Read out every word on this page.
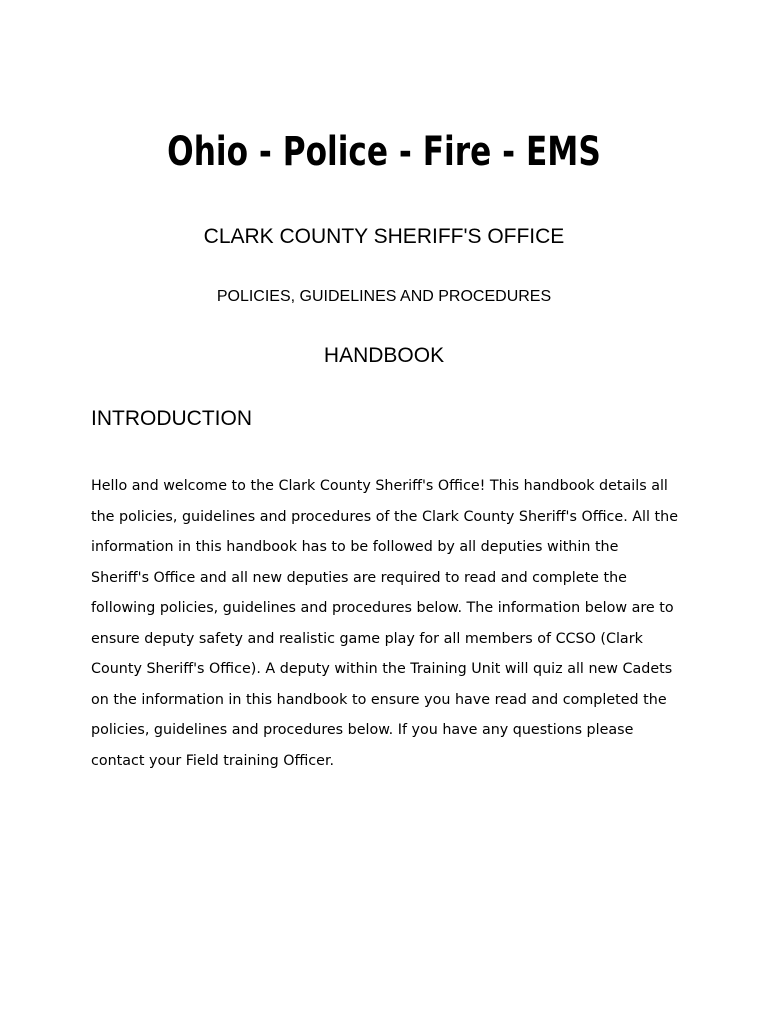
Ohio - Police - Fire - EMS
CLARK COUNTY SHERIFF'S OFFICE
POLICIES, GUIDELINES AND PROCEDURES
HANDBOOK
INTRODUCTION
Hello and welcome to the Clark County Sheriff's Office! This handbook details all
the policies, guidelines and procedures of the Clark County Sheriff's Office. All the
information in this handbook has to be followed by all deputies within the
Sheriff's Office and all new deputies are required to read and complete the
following policies, guidelines and procedures below. The information below are to
ensure deputy safety and realistic game play for all members of CCSO (Clark
County Sheriff's Office). A deputy within the Training Unit will quiz all new Cadets
on the information in this handbook to ensure you have read and completed the
policies, guidelines and procedures below. If you have any questions please
contact your Field training Officer.
